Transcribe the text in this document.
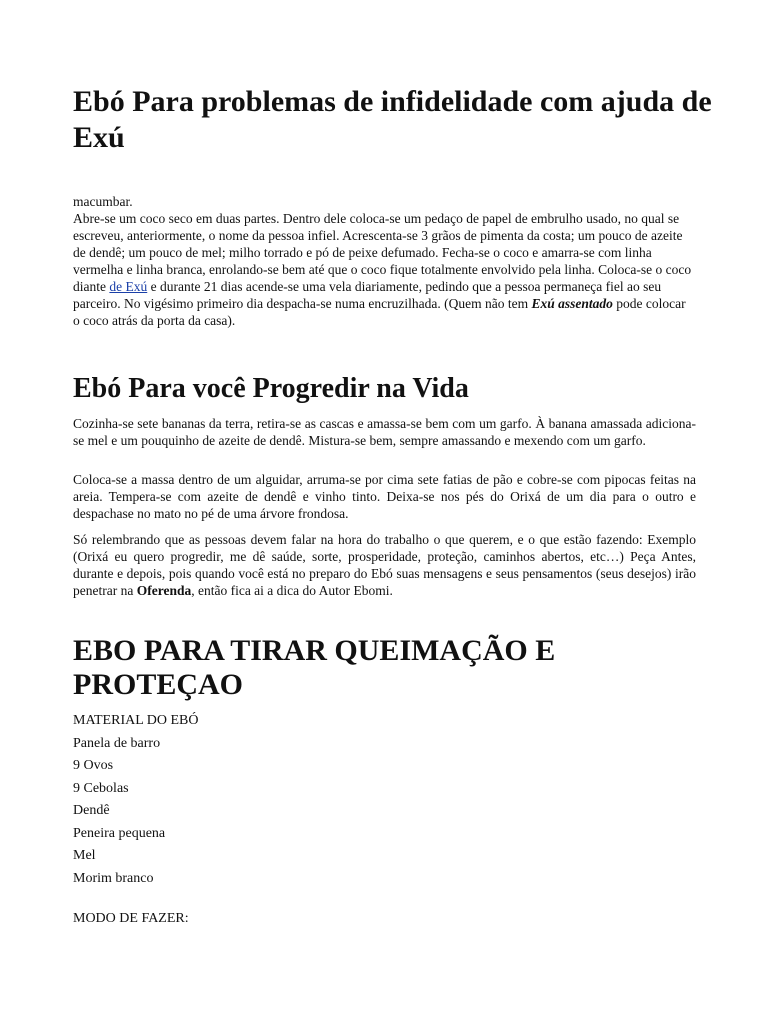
Ebó Para problemas de infidelidade com ajuda de Exú

macumbar.
Abre-se um coco seco em duas partes. Dentro dele coloca-se um pedaço de papel de embrulho usado, no qual se escreveu, anteriormente, o nome da pessoa infiel. Acrescenta-se 3 grãos de pimenta da costa; um pouco de azeite de dendê; um pouco de mel; milho torrado e pó de peixe defumado. Fecha-se o coco e amarra-se com linha vermelha e linha branca, enrolando-se bem até que o coco fique totalmente envolvido pela linha. Coloca-se o coco diante de Exú e durante 21 dias acende-se uma vela diariamente, pedindo que a pessoa permaneça fiel ao seu parceiro. No vigésimo primeiro dia despacha-se numa encruzilhada. (Quem não tem Exú assentado pode colocar o coco atrás da porta da casa).

Ebó Para você Progredir na Vida

Cozinha-se sete bananas da terra, retira-se as cascas e amassa-se bem com um garfo. À banana amassada adiciona-se mel e um pouquinho de azeite de dendê. Mistura-se bem, sempre amassando e mexendo com um garfo.

Coloca-se a massa dentro de um alguidar, arruma-se por cima sete fatias de pão e cobre-se com pipocas feitas na areia. Tempera-se com azeite de dendê e vinho tinto. Deixa-se nos pés do Orixá de um dia para o outro e despachase no mato no pé de uma árvore frondosa.

Só relembrando que as pessoas devem falar na hora do trabalho o que querem, e o que estão fazendo: Exemplo (Orixá eu quero progredir, me dê saúde, sorte, prosperidade, proteção, caminhos abertos, etc…) Peça Antes, durante e depois, pois quando você está no preparo do Ebó suas mensagens e seus pensamentos (seus desejos) irão penetrar na Oferenda, então fica ai a dica do Autor Ebomi.

EBO PARA TIRAR QUEIMAÇÃO E PROTEÇAO
MATERIAL DO EBÓ
Panela de barro
9 Ovos
9 Cebolas
Dendê
Peneira pequena
Mel
Morim branco

MODO DE FAZER:
